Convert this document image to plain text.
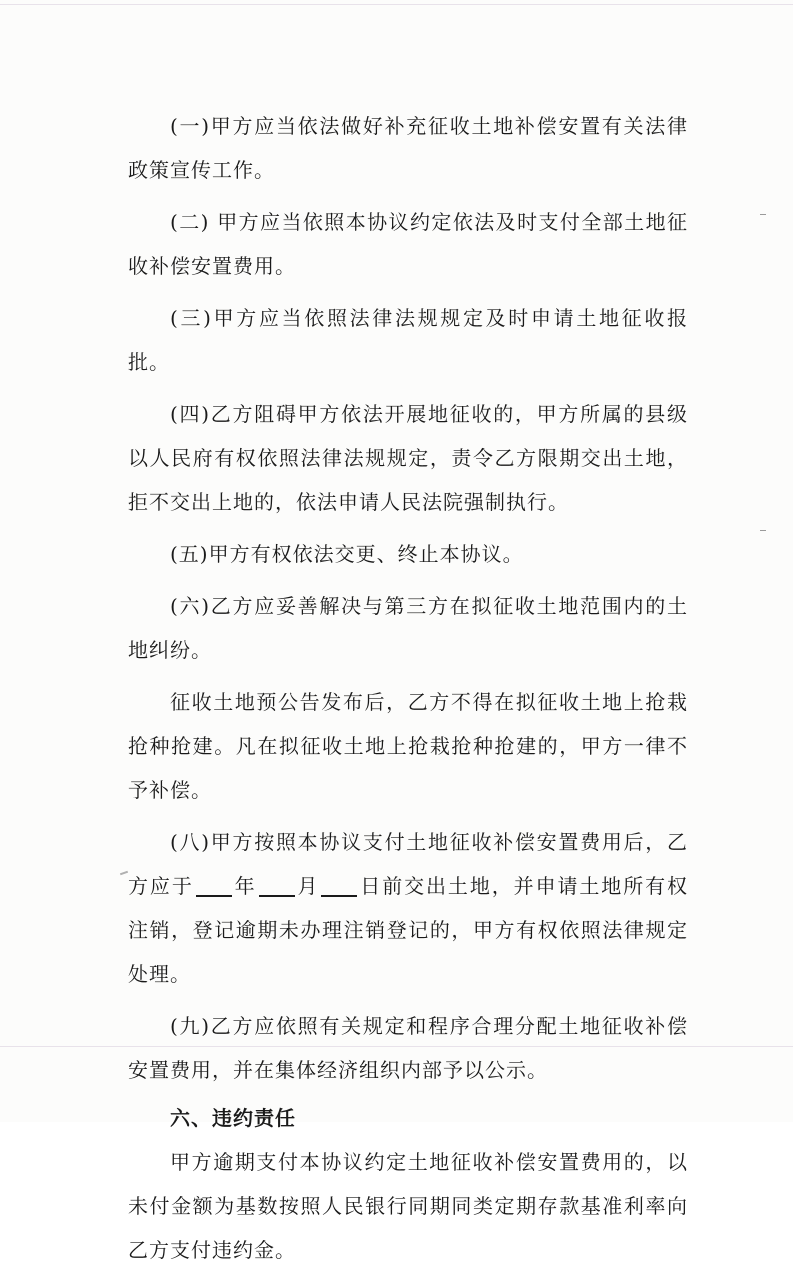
(一)甲方应当依法做好补充征收土地补偿安置有关法律政策宣传工作。

(二) 甲方应当依照本协议约定依法及时支付全部土地征收补偿安置费用。

(三)甲方应当依照法律法规规定及时申请土地征收报批。

(四)乙方阻碍甲方依法开展地征收的，甲方所属的县级以人民府有权依照法律法规规定，责令乙方限期交出土地，拒不交出上地的，依法申请人民法院强制执行。

(五)甲方有权依法交更、终止本协议。

(六)乙方应妥善解决与第三方在拟征收土地范围内的土地纠纷。

征收土地预公告发布后，乙方不得在拟征收土地上抢栽抢种抢建。凡在拟征收土地上抢栽抢种抢建的，甲方一律不予补偿。

(八)甲方按照本协议支付土地征收补偿安置费用后，乙方应于 年 月 日前交出土地，并申请土地所有权注销，登记逾期未办理注销登记的，甲方有权依照法律规定处理。

(九)乙方应依照有关规定和程序合理分配土地征收补偿安置费用，并在集体经济组织内部予以公示。

六、违约责任

甲方逾期支付本协议约定土地征收补偿安置费用的，以未付金额为基数按照人民银行同期同类定期存款基准利率向乙方支付违约金。
